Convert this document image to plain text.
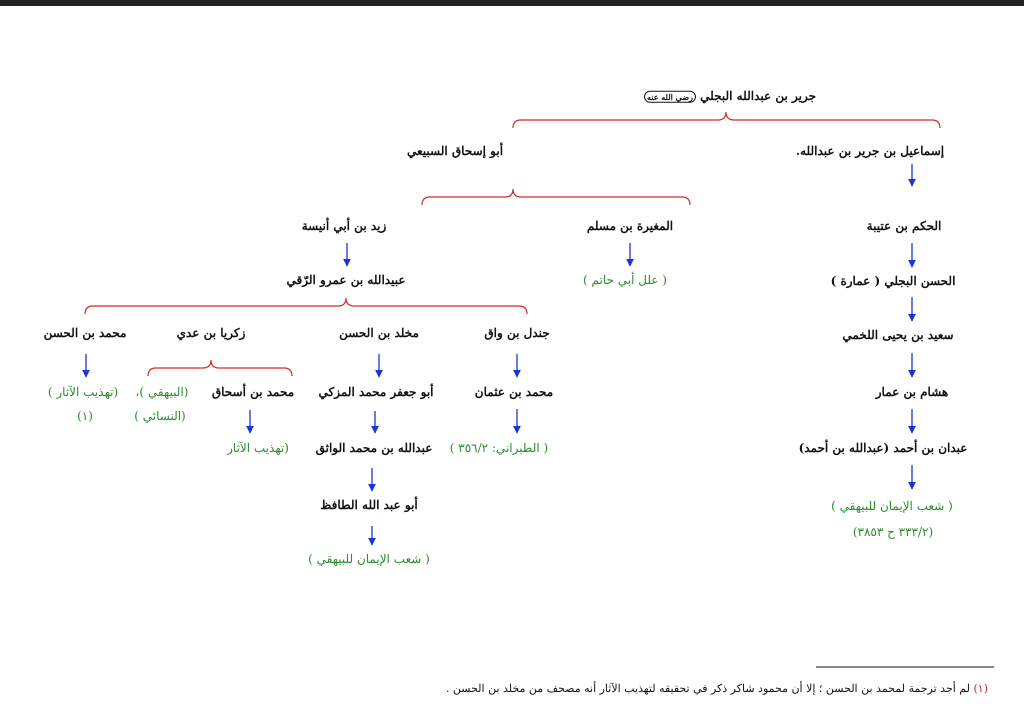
جرير بن عبدالله البجلي رضي الله عنه
إسماعيل بن جرير بن عبدالله.
أبو إسحاق السبيعي
الحكم بن عتيبة
المغيرة بن مسلم
زيد بن أبي أنيسة
( علل أبي حاتم )
عبيدالله بن عمرو الرّقي	الحسن البجلي ( عمارة )
جندل بن واق
مخلد بن الحسن
زكريا بن عدي
محمد بن الحسن	سعيد بن يحيى اللخمي
محمد بن عثمان
أبو جعفر محمد المزكي
محمد بن أسحاق
(البيهقي )،
(النسائي )
(تهذيب الآثار )
(١)
هشام بن عمار
( الطبراني: ٣٥٦/٢ )
عبدالله بن محمد الواثق
(تهذيب الآثار	عبدان بن أحمد (عبدالله بن أحمد)
أبو عبد الله الطافظ	( شعب الإيمان للبيهقي )
(٣٣٣/٢ ح ٣٨٥٣)
( شعب الإيمان للبيهقي )
(١) لم أجد ترجمة لمحمد بن الحسن ؛ إلا أن محمود شاكر ذكر في تحقيقه لتهذيب الآثار أنه مصحف من مخلد بن الحسن .
